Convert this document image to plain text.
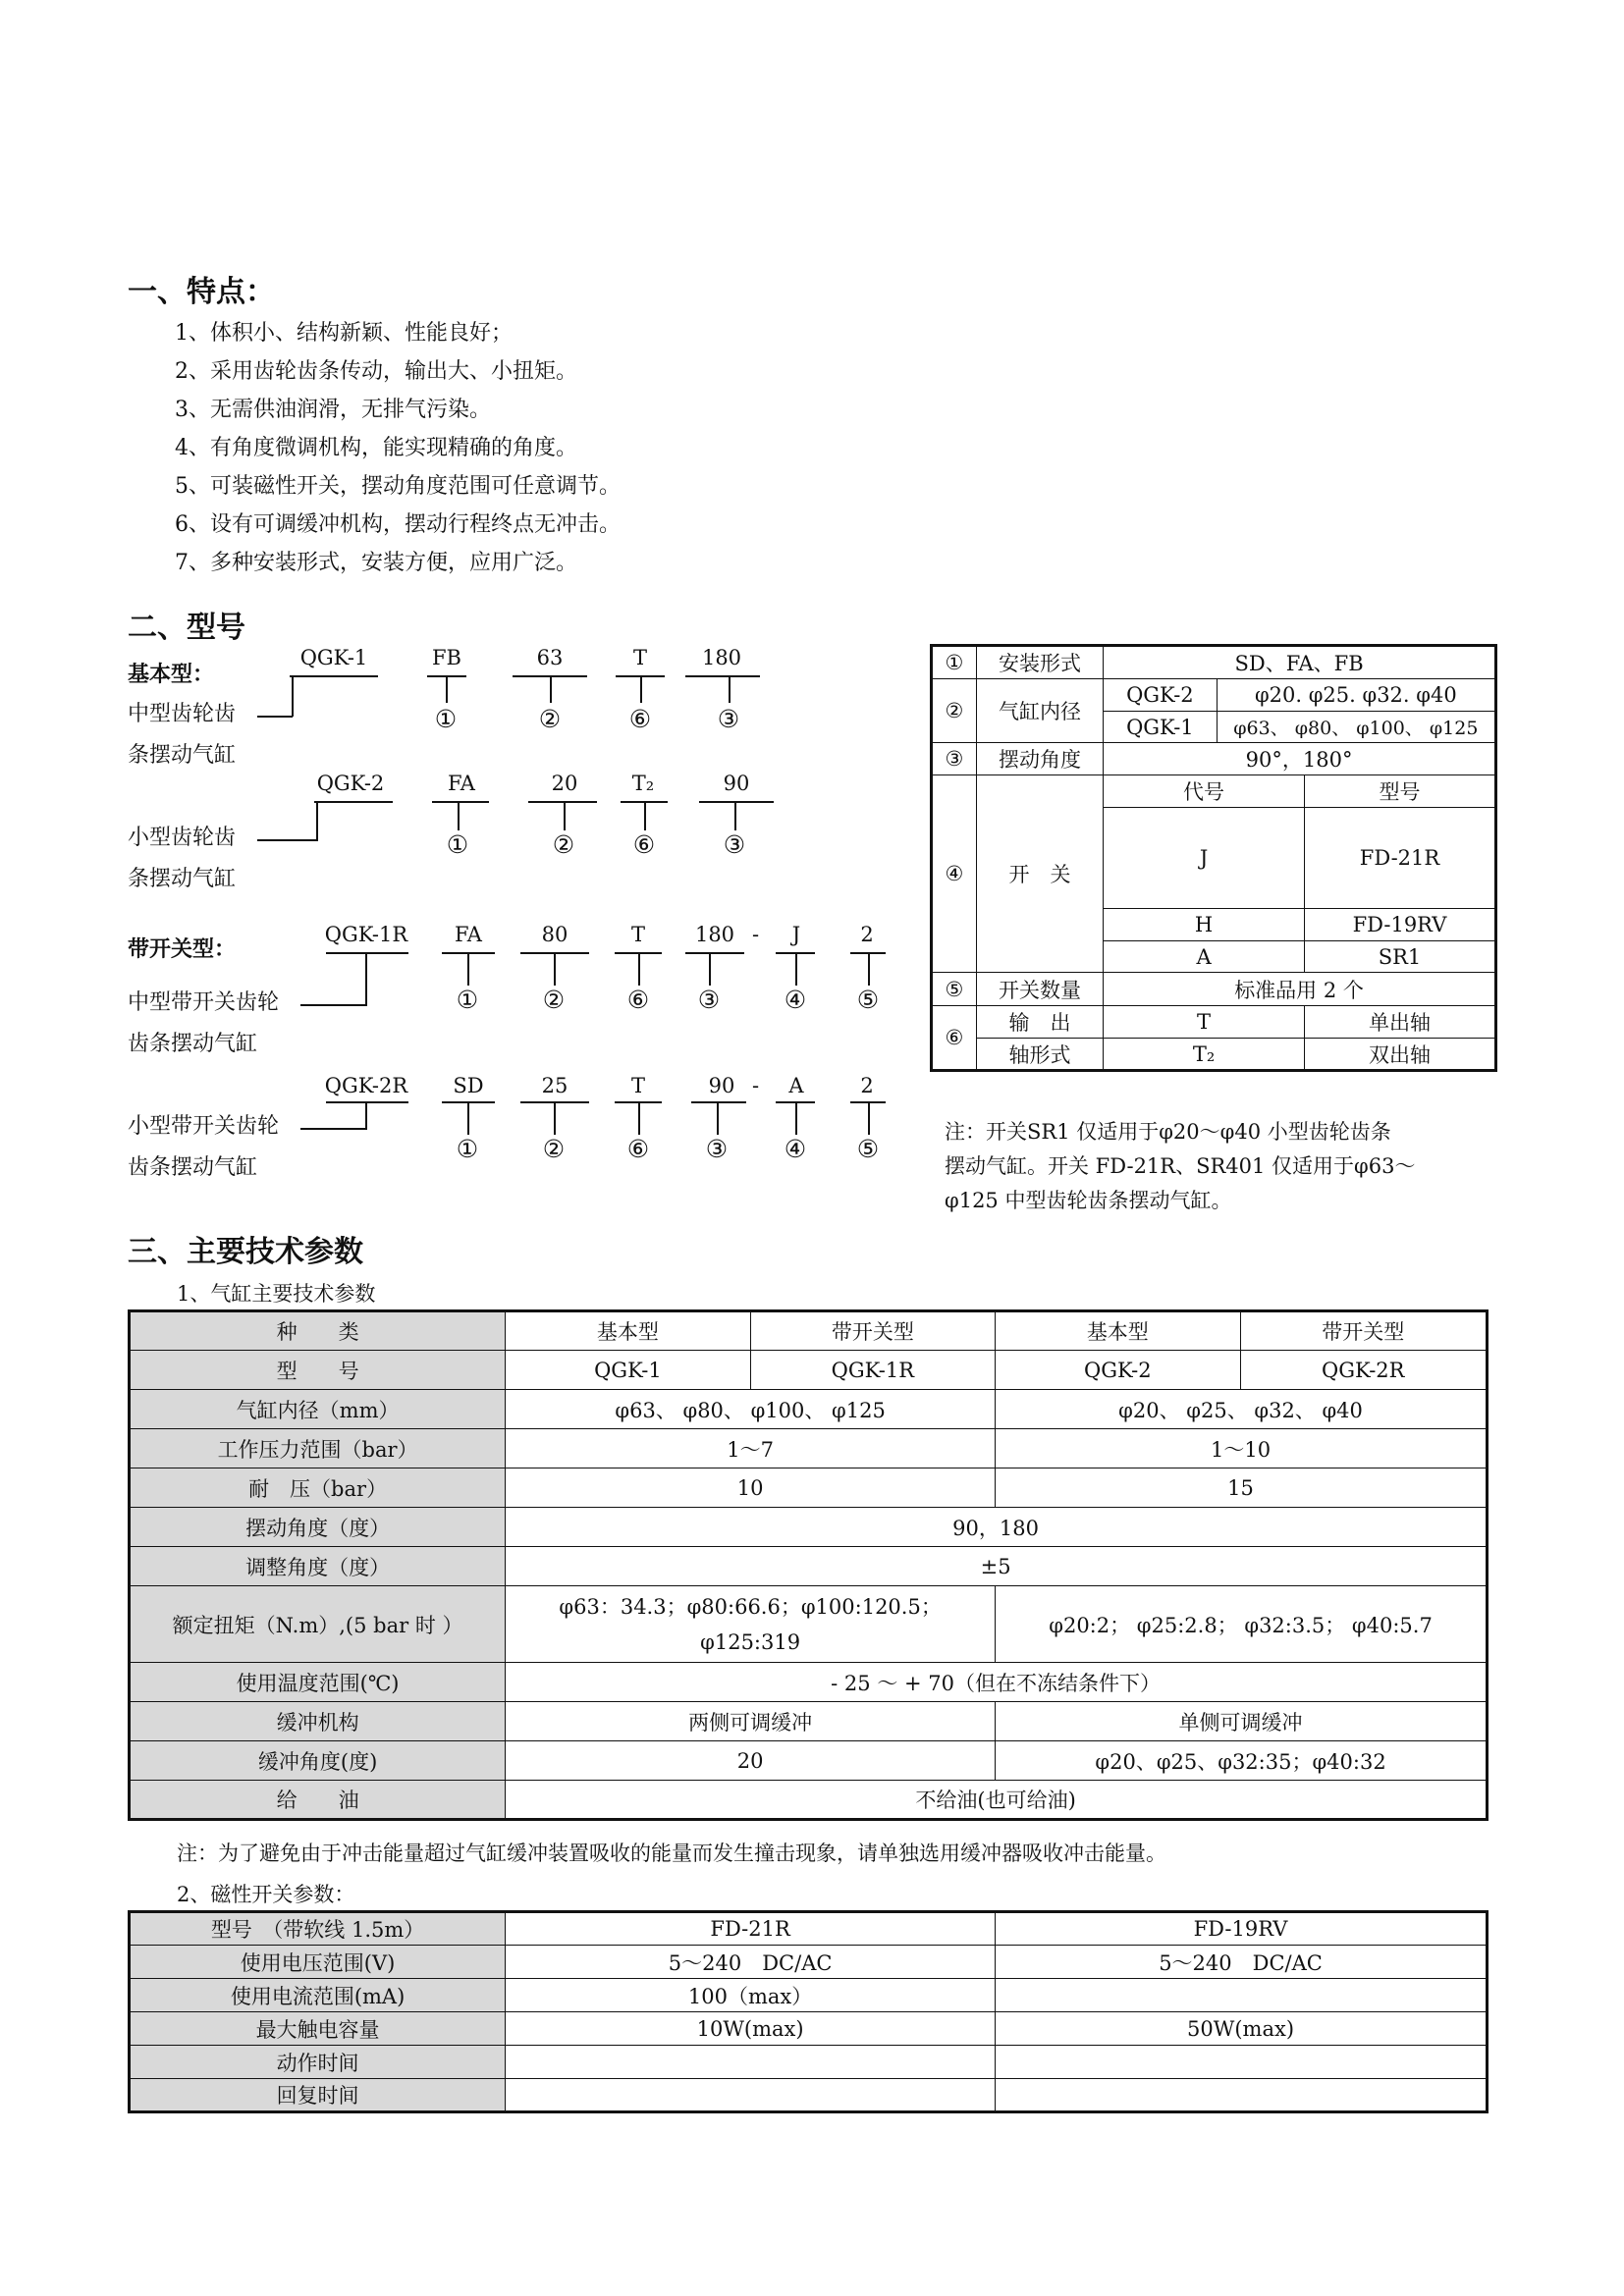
一、特点：
1、体积小、结构新颖、性能良好；
2、采用齿轮齿条传动，输出大、小扭矩。
3、无需供油润滑，无排气污染。
4、有角度微调机构，能实现精确的角度。
5、可装磁性开关，摆动角度范围可任意调节。
6、设有可调缓冲机构，摆动行程终点无冲击。
7、多种安装形式，安装方便，应用广泛。
二、型号
基本型：
带开关型：
中型齿轮齿
条摆动气缸
QGK-1	FB
①
63
②
T
⑥
180
③
小型齿轮齿
条摆动气缸
QGK-2	FA
①
20
②
T₂
⑥
90
③
中型带开关齿轮
齿条摆动气缸
QGK-1R	FA
①
80
②
T
⑥
180
③
-	J
④
2
⑤
小型带开关齿轮
齿条摆动气缸
QGK-2R	SD
①
25
②
T
⑥
90
③
-	A
④
2
⑤
①	安装形式	SD、FA、FB		
②	气缸内径	QGK-2	φ20. φ25. φ32. φ40	
		QGK-1	φ63、 φ80、 φ100、 φ125	
③	摆动角度	90°，180°		
④	开　关	代号		型号
		J		FD-21R
		H		FD-19RV
		A		SR1
⑤	开关数量	标准品用 2 个		
⑥	输　出	T		单出轴
	轴形式	T₂		双出轴
注：开关SR1 仅适用于φ20～φ40 小型齿轮齿条
摆动气缸。开关 FD-21R、SR401 仅适用于φ63～
φ125 中型齿轮齿条摆动气缸。
三、主要技术参数
1、气缸主要技术参数
种　　类	基本型	带开关型	基本型	带开关型
型　　号	QGK-1	QGK-1R	QGK-2	QGK-2R
气缸内径（mm）	φ63、 φ80、 φ100、 φ125		φ20、 φ25、 φ32、 φ40	
工作压力范围（bar）	1～7		1～10	
耐　压（bar）	10		15	
摆动角度（度）	90，180			
调整角度（度）	±5			
额定扭矩（N.m）,(5 bar 时 ）	φ63：34.3；φ80:66.6；φ100:120.5；
φ125:319		φ20:2； φ25:2.8； φ32:3.5； φ40:5.7	
使用温度范围(℃)	- 25 ～ + 70（但在不冻结条件下）			
缓冲机构	两侧可调缓冲		单侧可调缓冲	
缓冲角度(度)	20		φ20、φ25、φ32:35；φ40:32	
给　　油	不给油(也可给油)			
注：为了避免由于冲击能量超过气缸缓冲装置吸收的能量而发生撞击现象，请单独选用缓冲器吸收冲击能量。
2、磁性开关参数：
型号　（带软线 1.5m）	FD-21R	FD-19RV
使用电压范围(V)	5～240　DC/AC	5～240　DC/AC
使用电流范围(mA)	100（max）	
最大触电容量	10W(max)	50W(max)
动作时间		
回复时间		
